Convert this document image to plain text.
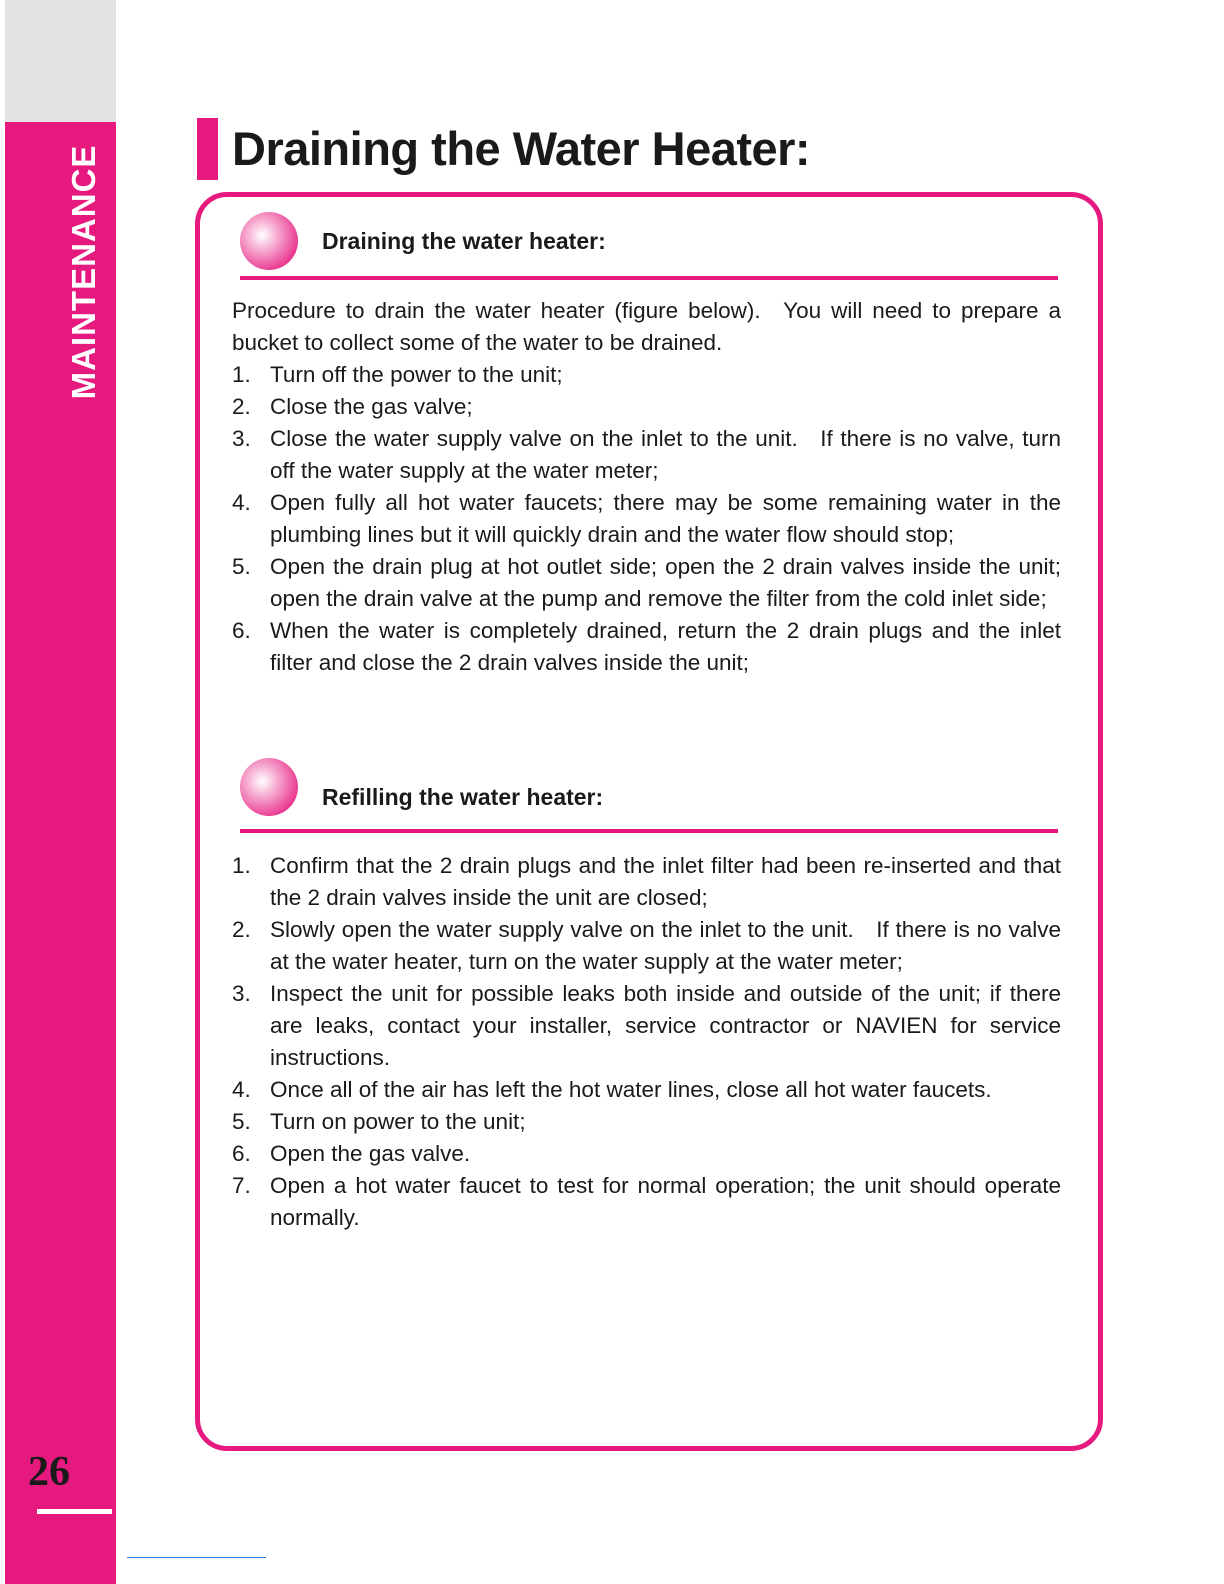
MAINTENANCE
26
Draining the Water Heater:
Draining the water heater:
Procedure to drain the water heater (figure below). You will need to prepare a bucket to collect some of the water to be drained.
1. Turn off the power to the unit;
2. Close the gas valve;
3. Close the water supply valve on the inlet to the unit. If there is no valve, turn off the water supply at the water meter;
4. Open fully all hot water faucets; there may be some remaining water in the plumbing lines but it will quickly drain and the water flow should stop;
5. Open the drain plug at hot outlet side; open the 2 drain valves inside the unit; open the drain valve at the pump and remove the filter from the cold inlet side;
6. When the water is completely drained, return the 2 drain plugs and the inlet filter and close the 2 drain valves inside the unit;
Refilling the water heater:
1. Confirm that the 2 drain plugs and the inlet filter had been re-inserted and that the 2 drain valves inside the unit are closed;
2. Slowly open the water supply valve on the inlet to the unit. If there is no valve at the water heater, turn on the water supply at the water meter;
3. Inspect the unit for possible leaks both inside and outside of the unit; if there are leaks, contact your installer, service contractor or NAVIEN for service instructions.
4. Once all of the air has left the hot water lines, close all hot water faucets.
5. Turn on power to the unit;
6. Open the gas valve.
7. Open a hot water faucet to test for normal operation; the unit should operate normally.
